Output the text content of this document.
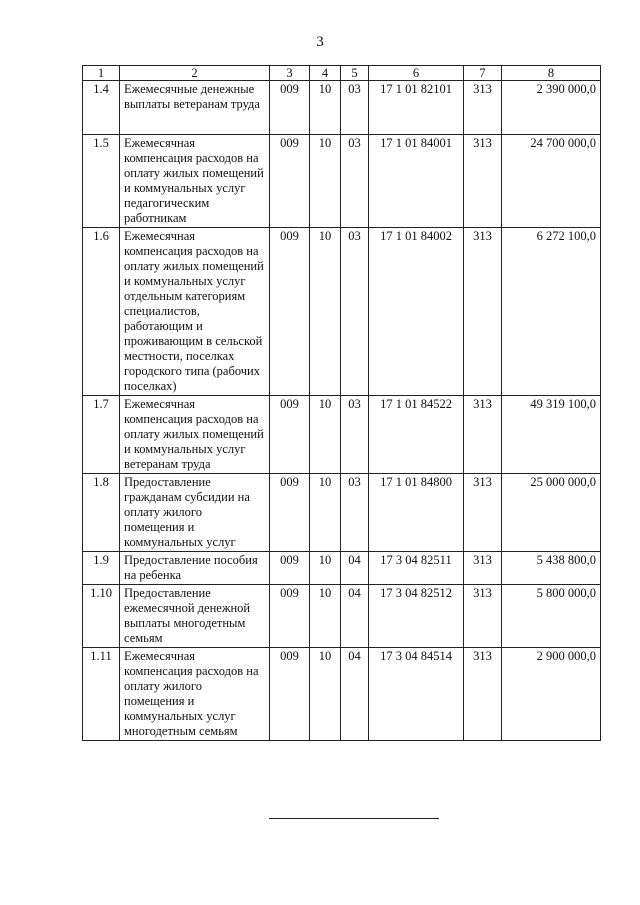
3
1	2	3	4	5	6	7	8
1.4	Ежемесячные денежные выплаты ветеранам труда	009	10	03	17 1 01 82101	313	2 390 000,0
1.5	Ежемесячная компенсация расходов на оплату жилых помещений и коммунальных услуг педагогическим работникам	009	10	03	17 1 01 84001	313	24 700 000,0
1.6	Ежемесячная компенсация расходов на оплату жилых помещений и коммунальных услуг отдельным категориям специалистов, работающим и проживающим в сельской местности, поселках городского типа (рабочих поселках)	009	10	03	17 1 01 84002	313	6 272 100,0
1.7	Ежемесячная компенсация расходов на оплату жилых помещений и коммунальных услуг ветеранам труда	009	10	03	17 1 01 84522	313	49 319 100,0
1.8	Предоставление гражданам субсидии на оплату жилого помещения и коммунальных услуг	009	10	03	17 1 01 84800	313	25 000 000,0
1.9	Предоставление пособия на ребенка	009	10	04	17 3 04 82511	313	5 438 800,0
1.10	Предоставление ежемесячной денежной выплаты многодетным семьям	009	10	04	17 3 04 82512	313	5 800 000,0
1.11	Ежемесячная компенсация расходов на оплату жилого помещения и коммунальных услуг многодетным семьям	009	10	04	17 3 04 84514	313	2 900 000,0
